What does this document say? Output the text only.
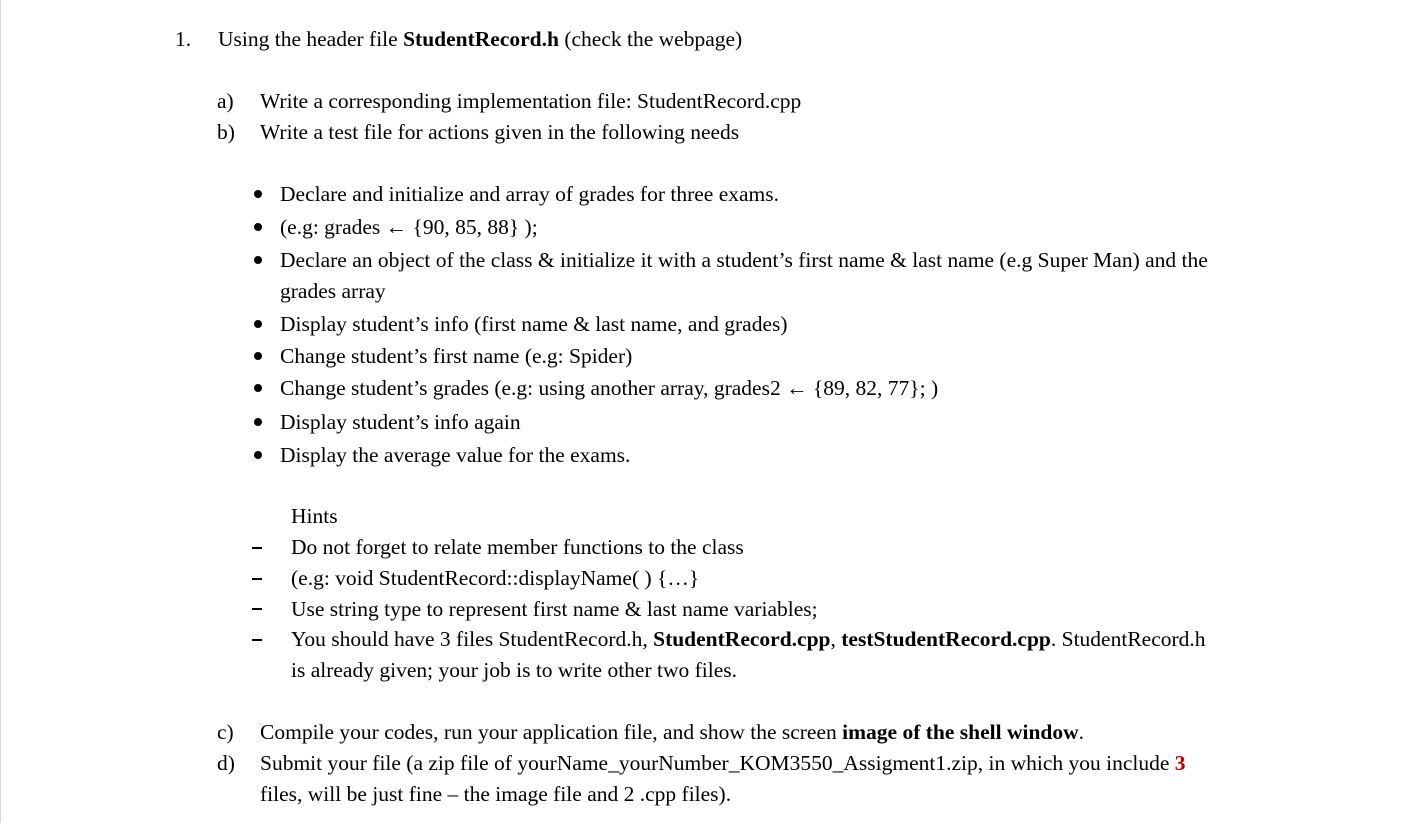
1. Using the header file StudentRecord.h (check the webpage)
a) Write a corresponding implementation file: StudentRecord.cpp
b) Write a test file for actions given in the following needs
Declare and initialize and array of grades for three exams.
(e.g: grades ← {90, 85, 88} );
Declare an object of the class & initialize it with a student’s first name & last name (e.g Super Man) and the
grades array
Display student’s info (first name & last name, and grades)
Change student’s first name (e.g: Spider)
Change student’s grades (e.g: using another array, grades2 ← {89, 82, 77}; )
Display student’s info again
Display the average value for the exams.
Hints
Do not forget to relate member functions to the class
(e.g: void StudentRecord::displayName( ) {…}
Use string type to represent first name & last name variables;
You should have 3 files StudentRecord.h, StudentRecord.cpp, testStudentRecord.cpp. StudentRecord.h
is already given; your job is to write other two files.
c) Compile your codes, run your application file, and show the screen image of the shell window.
d) Submit your file (a zip file of yourName_yourNumber_KOM3550_Assigment1.zip, in which you include 3
files, will be just fine – the image file and 2 .cpp files).
